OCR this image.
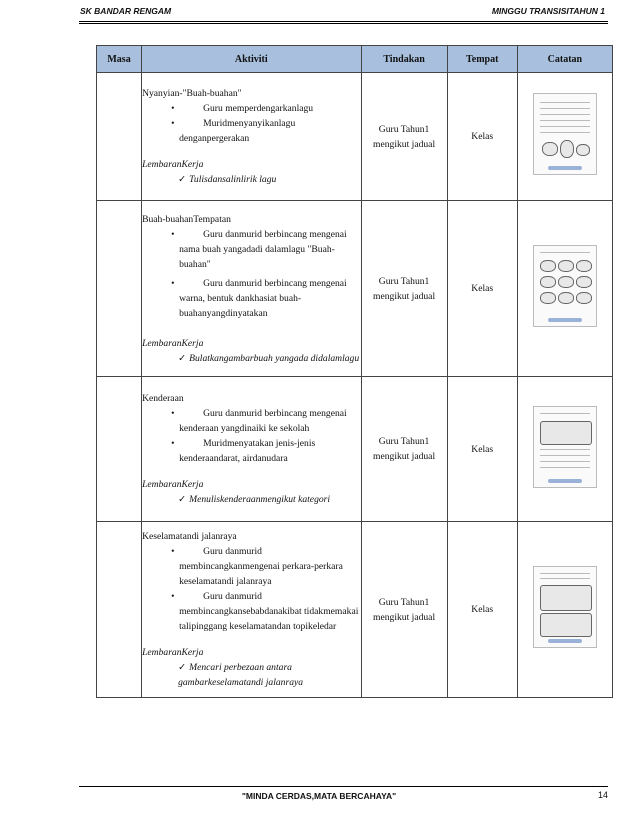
SK BANDAR RENGAM	MINGGU TRANSISITAHUN 1
Masa	Aktiviti	Tindakan	Tempat	Catatan

	Nyanyian-"Buah-buahan"
• Guru memperdengarkanlagu
• Muridmenyanyikanlagu denganpergerakan
LembaranKerja
✓ Tulisdansalinlirik lagu	Guru Tahun1 mengikut jadual	Kelas	

	Buah-buahanTempatan
• Guru danmurid berbincang mengenai nama buah yangadadi dalamlagu "Buah-buahan"
• Guru danmurid berbincang mengenai warna, bentuk dankhasiat buah-buahanyangdinyatakan
LembaranKerja
✓ Bulatkangambarbuah yangada didalamlagu	Guru Tahun1 mengikut jadual	Kelas	

	Kenderaan
• Guru danmurid berbincang mengenai kenderaan yangdinaiki ke sekolah
• Muridmenyatakan jenis-jenis kenderaandarat, airdanudara
LembaranKerja
✓ Menuliskenderaanmengikut kategori	Guru Tahun1 mengikut jadual	Kelas	

	Keselamatandi jalanraya
• Guru danmurid membincangkanmengenai perkara-perkara keselamatandi jalanraya
• Guru danmurid membincangkansebabdanakibat tidakmemakai talipinggang keselamatandan topikeledar
LembaranKerja
✓ Mencari perbezaan antara gambarkeselamatandi jalanraya	Guru Tahun1 mengikut jadual	Kelas	
"MINDA CERDAS,MATA BERCAHAYA"	14
